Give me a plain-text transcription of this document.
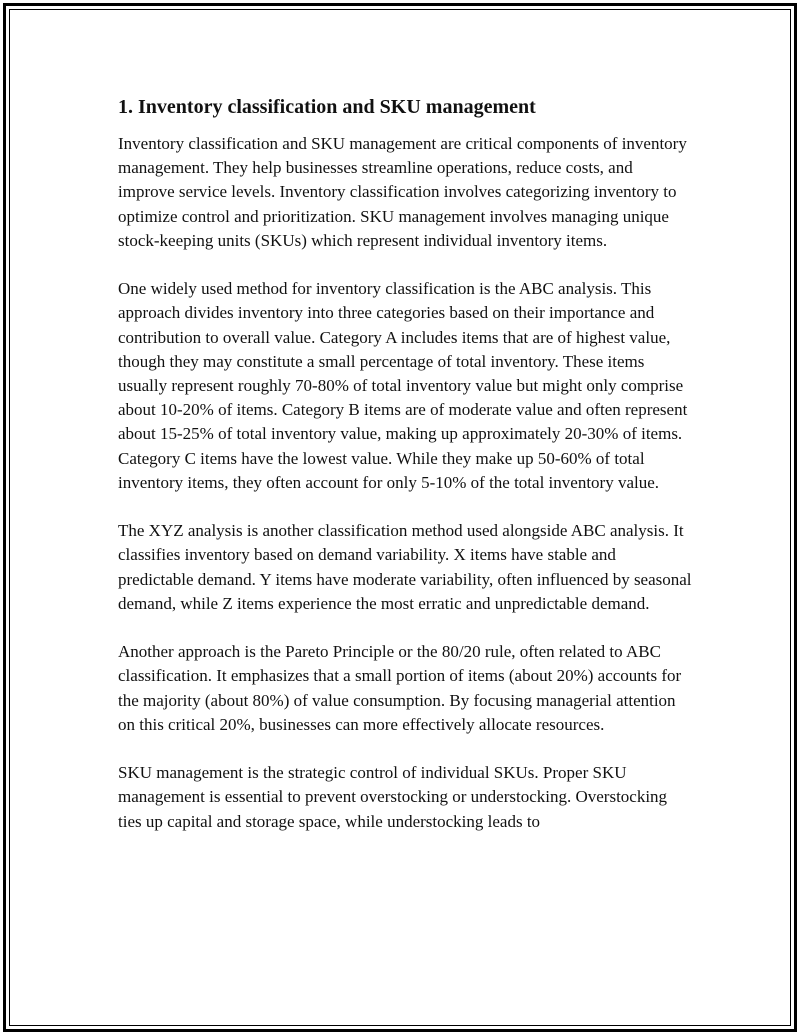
1. Inventory classification and SKU management

Inventory classification and SKU management are critical components of inventory management. They help businesses streamline operations, reduce costs, and improve service levels. Inventory classification involves categorizing inventory to optimize control and prioritization. SKU management involves managing unique stock-keeping units (SKUs) which represent individual inventory items.

One widely used method for inventory classification is the ABC analysis. This approach divides inventory into three categories based on their importance and contribution to overall value. Category A includes items that are of highest value, though they may constitute a small percentage of total inventory. These items usually represent roughly 70-80% of total inventory value but might only comprise about 10-20% of items. Category B items are of moderate value and often represent about 15-25% of total inventory value, making up approximately 20-30% of items. Category C items have the lowest value. While they make up 50-60% of total inventory items, they often account for only 5-10% of the total inventory value.

The XYZ analysis is another classification method used alongside ABC analysis. It classifies inventory based on demand variability. X items have stable and predictable demand. Y items have moderate variability, often influenced by seasonal demand, while Z items experience the most erratic and unpredictable demand.

Another approach is the Pareto Principle or the 80/20 rule, often related to ABC classification. It emphasizes that a small portion of items (about 20%) accounts for the majority (about 80%) of value consumption. By focusing managerial attention on this critical 20%, businesses can more effectively allocate resources.

SKU management is the strategic control of individual SKUs. Proper SKU management is essential to prevent overstocking or understocking. Overstocking ties up capital and storage space, while understocking leads to
